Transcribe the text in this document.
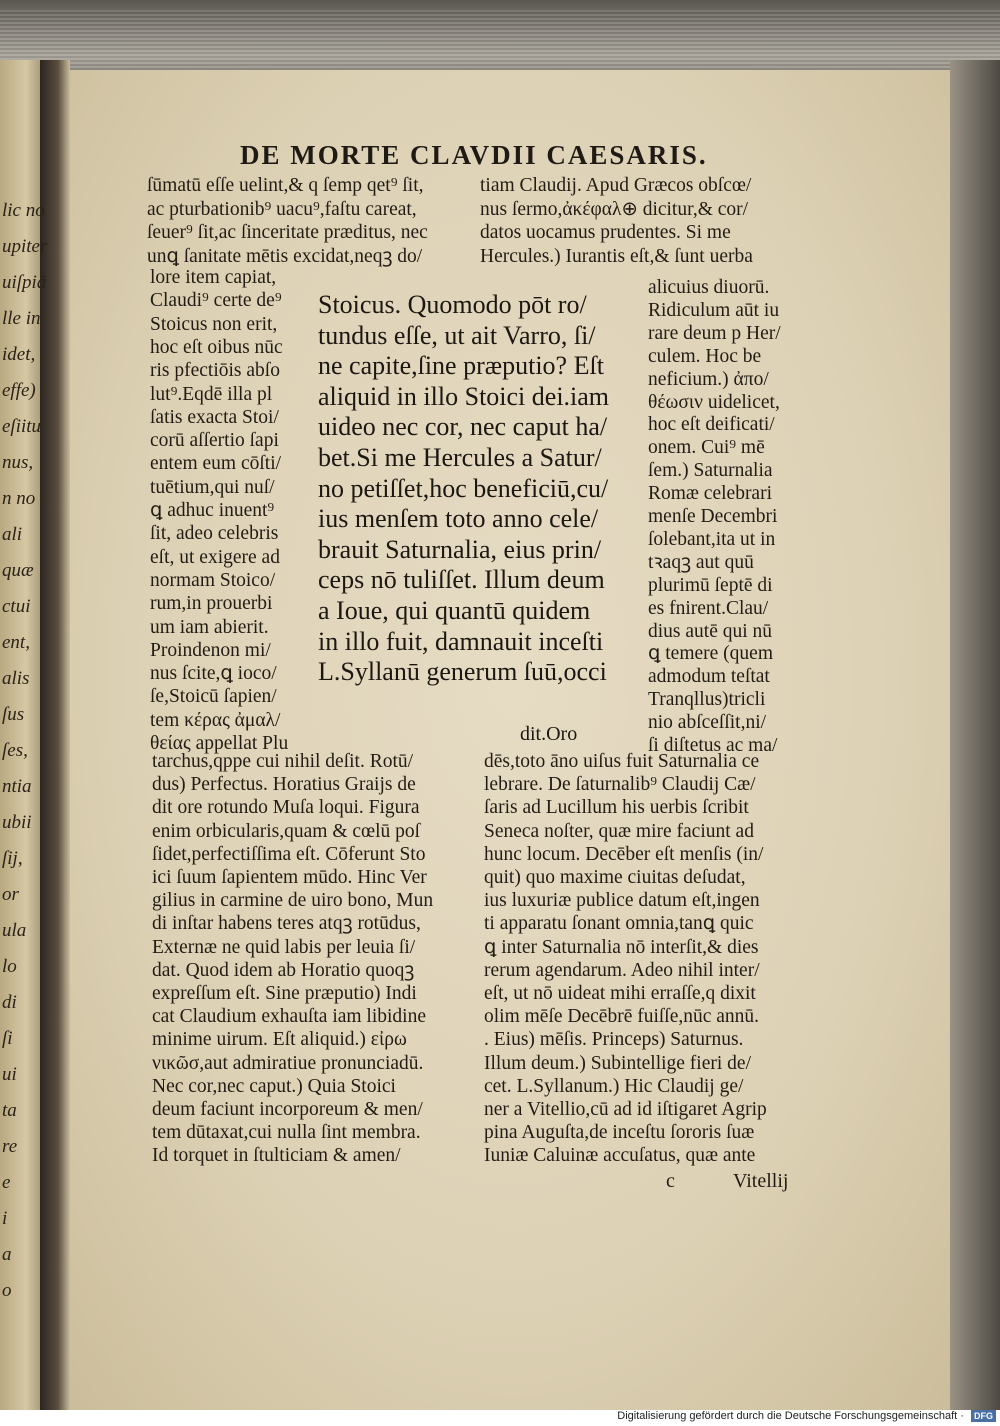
lic no
upiter
uiſpiā
lle in
idet,
effe)
eſiitu
nus,
n no
ali
quæ
ctui
ent,
alis
ſus
ſes,
ntia
ubii
ſij,
or
ula
lo
di
ſi
ui
ta
re
e
i
a
o
DE MORTE CLAVDII CAESARIS.
ſūmatū eſſe uelint,& q ſemp qet⁹ ſit,
ac pturbationib⁹ uacu⁹,faſtu careat,
ſeuer⁹ ſit,ac ſinceritate præditus, nec
unꝗ ſanitate mētis excidat,neqꝫ do/
tiam Claudij. Apud Græcos obſcœ/
nus ſermo,ἀκέφαλ⊕ dicitur,& cor/
datos uocamus prudentes. Si me
Hercules.) Iurantis eſt,& ſunt uerba
lore item capiat,
Claudi⁹ certe de⁹
Stoicus non erit,
hoc eſt oibus nūc
ris pfectiōis abſo
lut⁹.Eqdē illa pl
ſatis exacta Stoi/
corū aſſertio ſapi
entem eum cōſti/
tuētium,qui nuſ/
ꝗ adhuc inuent⁹
ſit, adeo celebris
eſt, ut exigere ad
normam Stoico/
rum,in prouerbi
um iam abierit.
Proindenon mi/
nus ſcite,ꝗ ioco/
ſe,Stoicū ſapien/
tem κέρας ἀμαλ/
θείας appellat Plu
Stoicus. Quomodo pōt ro/
tundus eſſe, ut ait Varro, ſi/
ne capite,ſine præputio? Eſt
aliquid in illo Stoici dei.iam
uideo nec cor, nec caput ha/
bet.Si me Hercules a Satur/
no petiſſet,hoc beneficiū,cu/
ius menſem toto anno cele/
brauit Saturnalia, eius prin/
ceps nō tuliſſet. Illum deum
a Ioue, qui quantū quidem
in illo fuit, damnauit inceſti
L.Syllanū generum ſuū,occi
dit.Oro
alicuius diuorū.
Ridiculum aūt iu
rare deum p Her/
culem. Hoc be
neficium.) ἀπο/
θέωσιν uidelicet,
hoc eſt deificati/
onem. Cui⁹ mē
ſem.) Saturnalia
Romæ celebrari
menſe Decembri
ſolebant,ita ut in
tꝛaqꝫ aut quū
plurimū ſeptē di
es fnirent.Clau/
dius autē qui nū
ꝗ temere (quem
admodum teſtat
Tranqllus)tricli
nio abſceſſit,ni/
ſi diſtetus ac ma/
tarchus,qppe cui nihil deſit. Rotū/
dus) Perfectus. Horatius Graijs de
dit ore rotundo Muſa loqui. Figura
enim orbicularis,quam & cœlū poſ
ſidet,perfectiſſima eſt. Cōferunt Sto
ici ſuum ſapientem mūdo. Hinc Ver
gilius in carmine de uiro bono, Mun
di inſtar habens teres atqꝫ rotūdus,
Externæ ne quid labis per leuia ſi/
dat. Quod idem ab Horatio quoqꝫ
expreſſum eſt. Sine præputio) Indi
cat Claudium exhauſta iam libidine
minime uirum. Eſt aliquid.) εἰρω
νικῶσ,aut admiratiue pronunciadū.
Nec cor,nec caput.) Quia Stoici
deum faciunt incorporeum & men/
tem dūtaxat,cui nulla ſint membra.
Id torquet in ſtulticiam & amen/
dēs,toto āno uiſus fuit Saturnalia ce
lebrare. De ſaturnalib⁹ Claudij Cæ/
ſaris ad Lucillum his uerbis ſcribit
Seneca noſter, quæ mire faciunt ad
hunc locum. Decēber eſt menſis (in/
quit) quo maxime ciuitas deſudat,
ius luxuriæ publice datum eſt,ingen
ti apparatu ſonant omnia,tanꝗ quic
ꝗ inter Saturnalia nō interſit,& dies
rerum agendarum. Adeo nihil inter/
eſt, ut nō uideat mihi erraſſe,q dixit
olim mēſe Decēbrē fuiſſe,nūc annū.
. Eius) mēſis. Princeps) Saturnus.
Illum deum.) Subintellige fieri de/
cet. L.Syllanum.) Hic Claudij ge/
ner a Vitellio,cū ad id iſtigaret Agrip
pina Auguſta,de inceſtu ſororis ſuæ
Iuniæ Caluinæ accuſatus, quæ ante
c	Vitellij
Digitalisierung gefördert durch die Deutsche Forschungsgemeinschaft · DFG
